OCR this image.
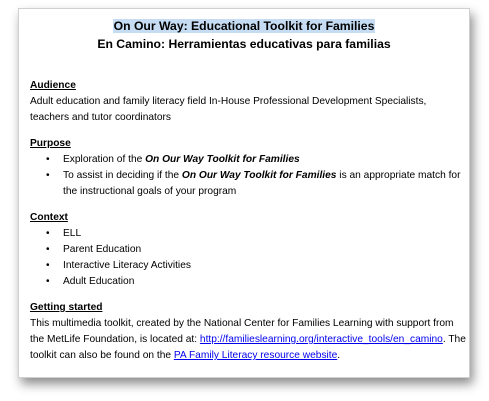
On Our Way: Educational Toolkit for Families
En Camino: Herramientas educativas para familias

Audience

Adult education and family literacy field In-House Professional Development Specialists, teachers and tutor coordinators

Purpose

• Exploration of the On Our Way Toolkit for Families
• To assist in deciding if the On Our Way Toolkit for Families is an appropriate match for the instructional goals of your program

Context

• ELL
• Parent Education
• Interactive Literacy Activities
• Adult Education

Getting started

This multimedia toolkit, created by the National Center for Families Learning with support from the MetLife Foundation, is located at: http://familieslearning.org/interactive_tools/en_camino. The toolkit can also be found on the PA Family Literacy resource website.
